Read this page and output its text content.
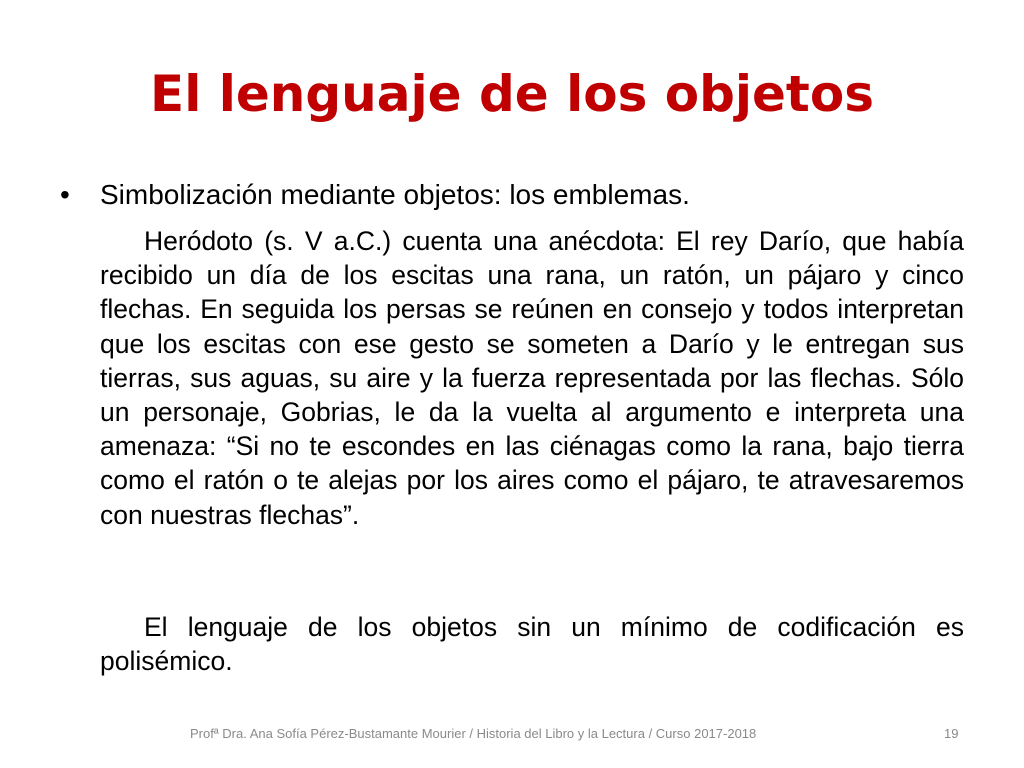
El lenguaje de los objetos
• Simbolización mediante objetos: los emblemas.

Heródoto (s. V a.C.) cuenta una anécdota: El rey Darío, que había recibido un día de los escitas una rana, un ratón, un pájaro y cinco flechas. En seguida los persas se reúnen en consejo y todos interpretan que los escitas con ese gesto se someten a Darío y le entregan sus tierras, sus aguas, su aire y la fuerza representada por las flechas. Sólo un personaje, Gobrias, le da la vuelta al argumento e interpreta una amenaza: “Si no te escondes en las ciénagas como la rana, bajo tierra como el ratón o te alejas por los aires como el pájaro, te atravesaremos con nuestras flechas”.

El lenguaje de los objetos sin un mínimo de codificación es polisémico.

Profª Dra. Ana Sofía Pérez-Bustamante Mourier / Historia del Libro y la Lectura / Curso 2017-2018	19
